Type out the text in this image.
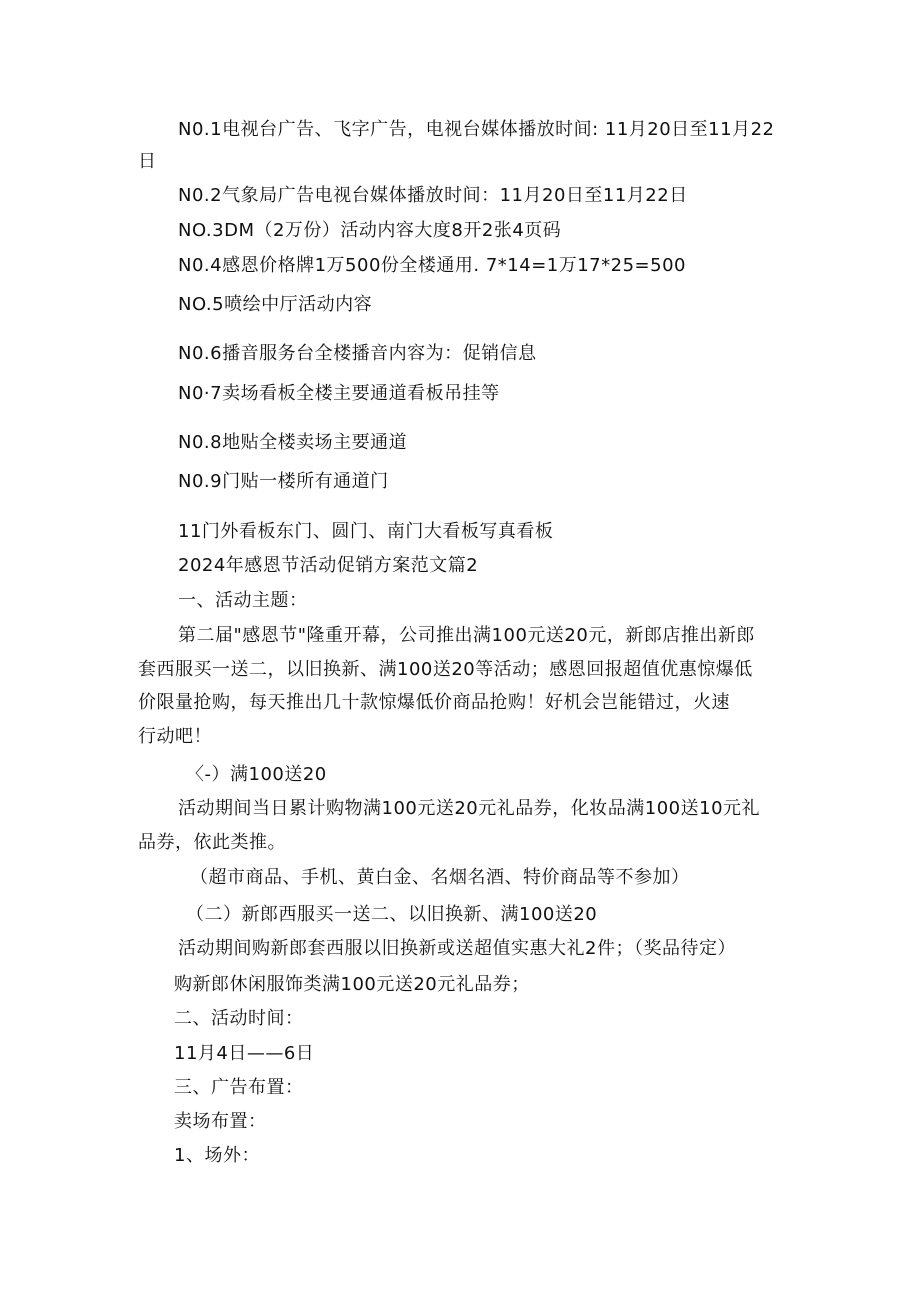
N0.1电视台广告、飞字广告，电视台媒体播放时间: 11月20日至11月22
日
N0.2气象局广告电视台媒体播放时间：11月20日至11月22日
NO.3DM（2万份）活动内容大度8开2张4页码
N0.4感恩价格牌1万500份全楼通用. 7*14=1万17*25=500
NO.5喷绘中厅活动内容
N0.6播音服务台全楼播音内容为：促销信息
N0·7卖场看板全楼主要通道看板吊挂等
N0.8地贴全楼卖场主要通道
N0.9门贴一楼所有通道门
11门外看板东门、圆门、南门大看板写真看板
2024年感恩节活动促销方案范文篇2
一、活动主题：
第二届"感恩节"隆重开幕，公司推出满100元送20元，新郎店推出新郎
套西服买一送二，以旧换新、满100送20等活动；感恩回报超值优惠惊爆低
价限量抢购，每天推出几十款惊爆低价商品抢购！好机会岂能错过，火速
行动吧！
〈-）满100送20
活动期间当日累计购物满100元送20元礼品券，化妆品满100送10元礼
品券，依此类推。
（超市商品、手机、黄白金、名烟名酒、特价商品等不参加）
（二）新郎西服买一送二、以旧换新、满100送20
活动期间购新郎套西服以旧换新或送超值实惠大礼2件；（奖品待定）
购新郎休闲服饰类满100元送20元礼品券；
二、活动时间：
11月4日——6日
三、广告布置：
卖场布置：
1、场外：
